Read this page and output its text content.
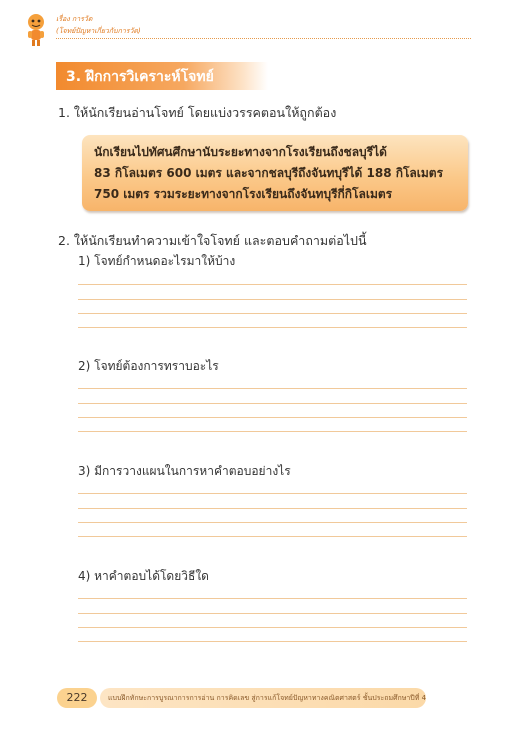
เรื่อง การวัด
(โจทย์ปัญหาเกี่ยวกับการวัด)
3. ฝึกการวิเคราะห์โจทย์
1. ให้นักเรียนอ่านโจทย์ โดยแบ่งวรรคตอนให้ถูกต้อง
นักเรียนไปทัศนศึกษานับระยะทางจากโรงเรียนถึงชลบุรีได้
83 กิโลเมตร 600 เมตร และจากชลบุรีถึงจันทบุรีได้ 188 กิโลเมตร
750 เมตร รวมระยะทางจากโรงเรียนถึงจันทบุรีกี่กิโลเมตร
2. ให้นักเรียนทำความเข้าใจโจทย์ และตอบคำถามต่อไปนี้
1) โจทย์กำหนดอะไรมาให้บ้าง
2) โจทย์ต้องการทราบอะไร
3) มีการวางแผนในการหาคำตอบอย่างไร
4) หาคำตอบได้โดยวิธีใด
222	แบบฝึกทักษะการบูรณาการการอ่าน การคิดเลข สู่การแก้โจทย์ปัญหาทางคณิตศาสตร์ ชั้นประถมศึกษาปีที่ 4
